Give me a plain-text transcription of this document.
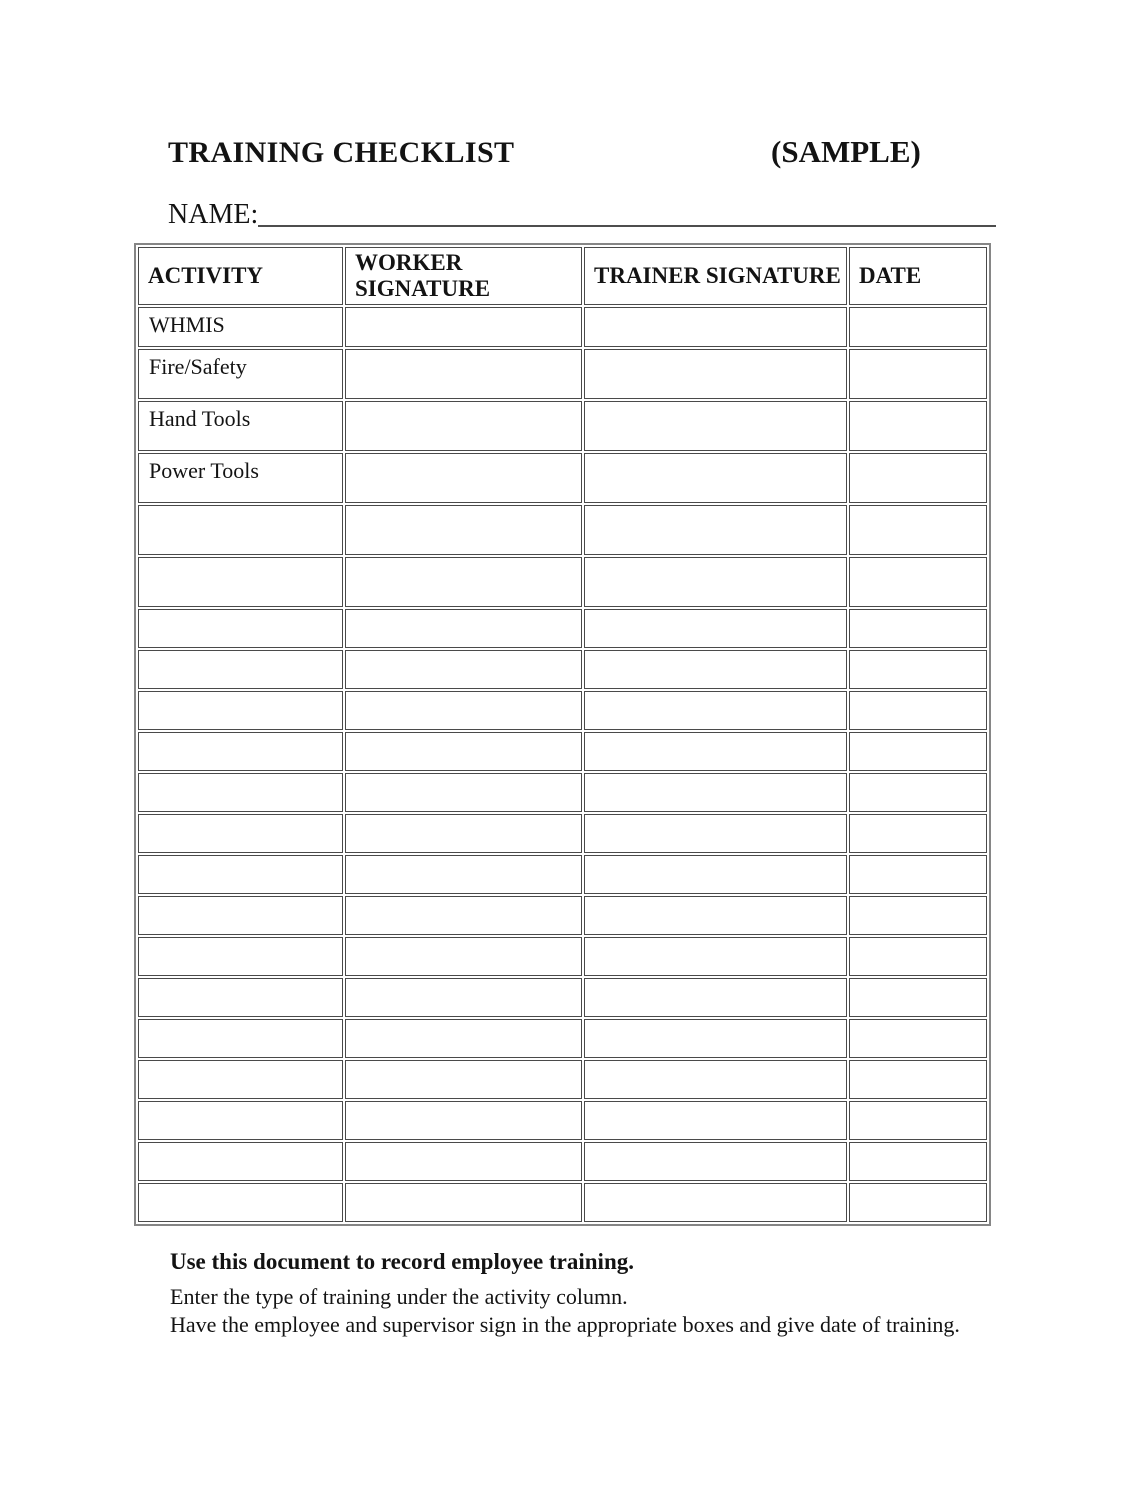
TRAINING CHECKLIST	(SAMPLE)
NAME:
ACTIVITY	WORKER SIGNATURE	TRAINER SIGNATURE	DATE
WHMIS			
Fire/Safety			
Hand Tools			
Power Tools			

Use this document to record employee training.

Enter the type of training under the activity column.

Have the employee and supervisor sign in the appropriate boxes and give date of training.
